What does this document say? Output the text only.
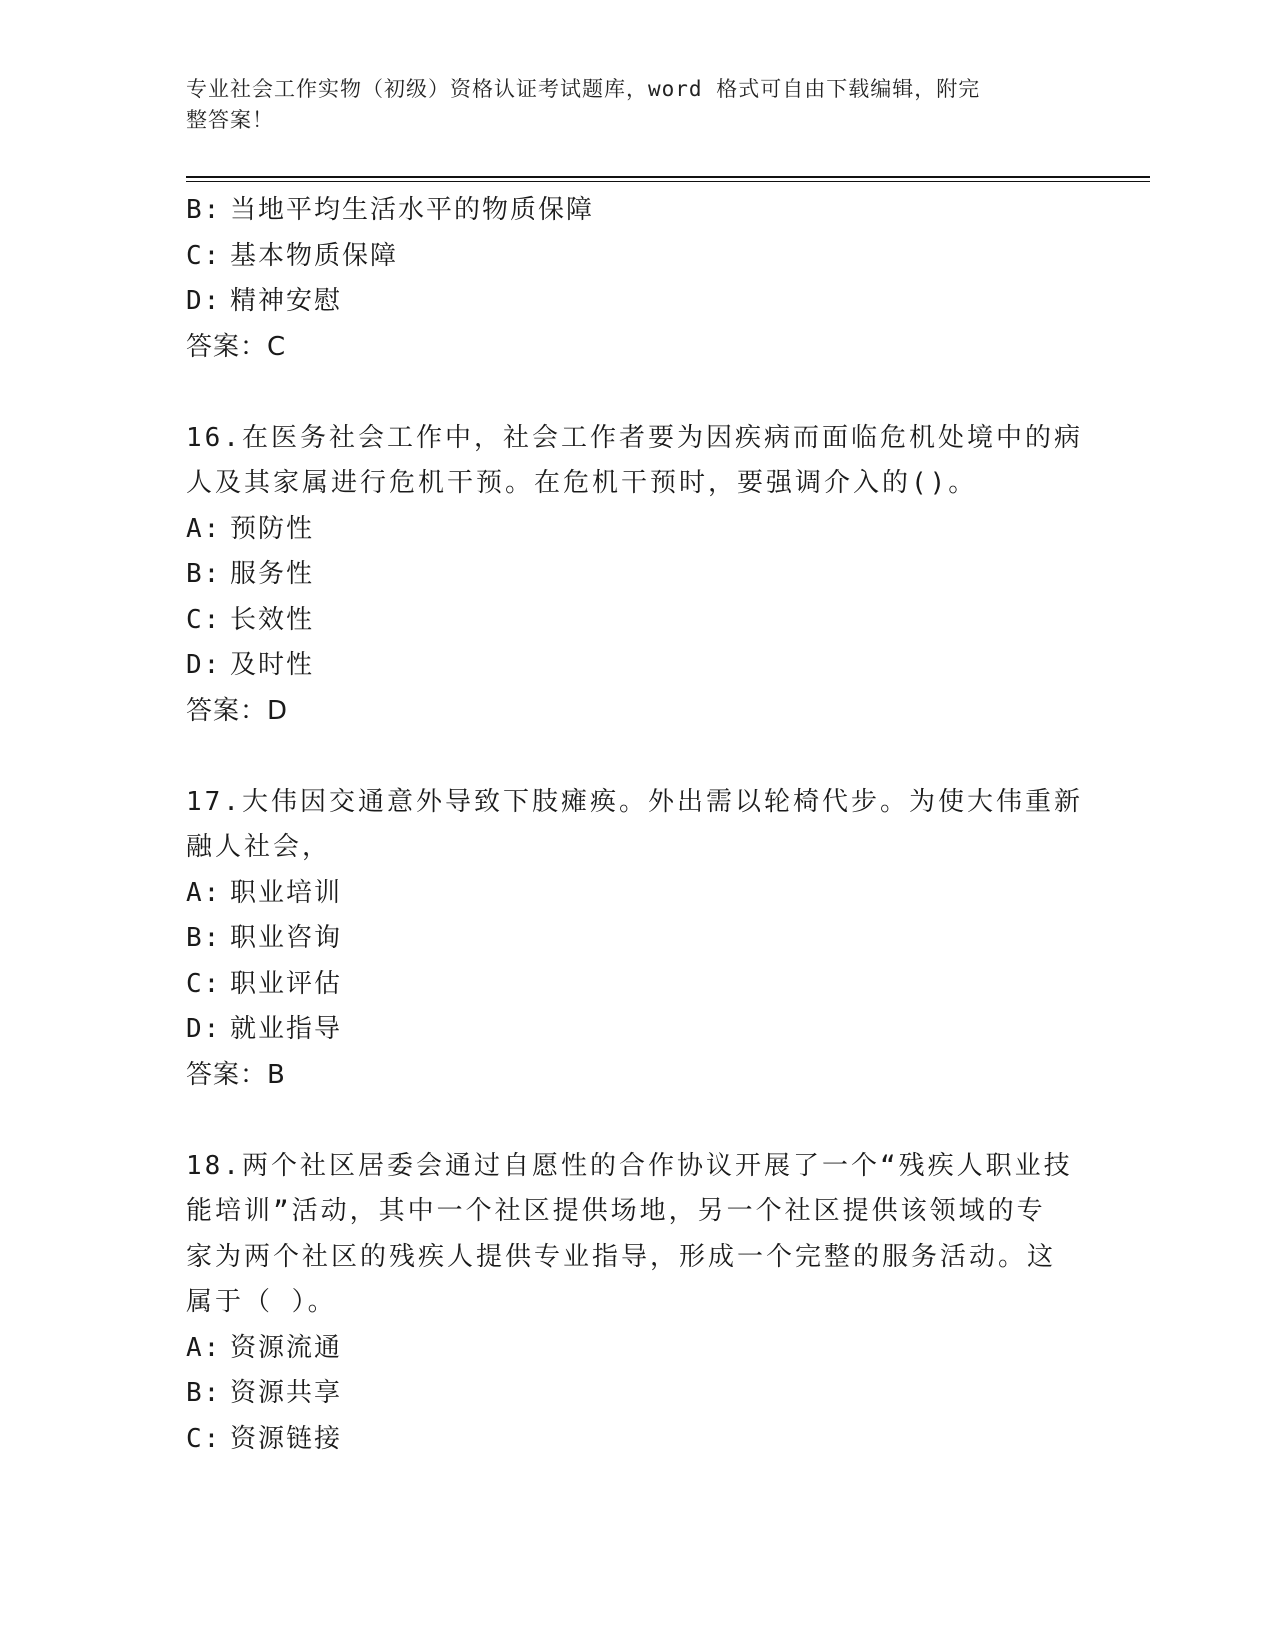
专业社会工作实物（初级）资格认证考试题库，word 格式可自由下载编辑，附完
整答案！
B: 当地平均生活水平的物质保障
C: 基本物质保障
D: 精神安慰
答案：C
16.在医务社会工作中，社会工作者要为因疾病而面临危机处境中的病
人及其家属进行危机干预。在危机干预时，要强调介入的()。
A: 预防性
B: 服务性
C: 长效性
D: 及时性
答案：D
17.大伟因交通意外导致下肢瘫痪。外出需以轮椅代步。为使大伟重新
融人社会，
A: 职业培训
B: 职业咨询
C: 职业评估
D: 就业指导
答案：B
18.两个社区居委会通过自愿性的合作协议开展了一个“残疾人职业技
能培训”活动，其中一个社区提供场地，另一个社区提供该领域的专
家为两个社区的残疾人提供专业指导，形成一个完整的服务活动。这
属于（ ）。
A: 资源流通
B: 资源共享
C: 资源链接
